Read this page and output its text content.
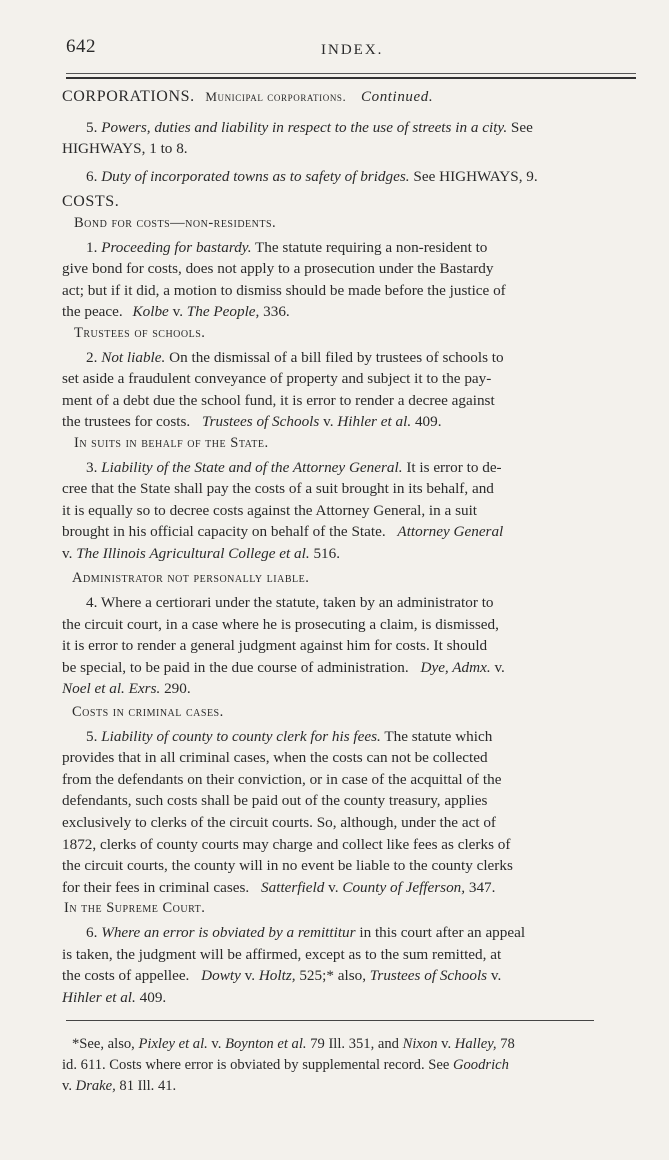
642	INDEX.
CORPORATIONS. Municipal corporations. Continued.
5. Powers, duties and liability in respect to the use of streets in a city. See
HIGHWAYS, 1 to 8.
6. Duty of incorporated towns as to safety of bridges. See HIGHWAYS, 9.
COSTS.
Bond for costs—non-residents.
1. Proceeding for bastardy. The statute requiring a non-resident to
give bond for costs, does not apply to a prosecution under the Bastardy
act; but if it did, a motion to dismiss should be made before the justice of
the peace. Kolbe v. The People, 336.
Trustees of schools.
2. Not liable. On the dismissal of a bill filed by trustees of schools to
set aside a fraudulent conveyance of property and subject it to the pay-
ment of a debt due the school fund, it is error to render a decree against
the trustees for costs. Trustees of Schools v. Hihler et al. 409.
In suits in behalf of the State.
3. Liability of the State and of the Attorney General. It is error to de-
cree that the State shall pay the costs of a suit brought in its behalf, and
it is equally so to decree costs against the Attorney General, in a suit
brought in his official capacity on behalf of the State. Attorney General
v. The Illinois Agricultural College et al. 516.
Administrator not personally liable.
4. Where a certiorari under the statute, taken by an administrator to
the circuit court, in a case where he is prosecuting a claim, is dismissed,
it is error to render a general judgment against him for costs. It should
be special, to be paid in the due course of administration. Dye, Admx. v.
Noel et al. Exrs. 290.
Costs in criminal cases.
5. Liability of county to county clerk for his fees. The statute which
provides that in all criminal cases, when the costs can not be collected
from the defendants on their conviction, or in case of the acquittal of the
defendants, such costs shall be paid out of the county treasury, applies
exclusively to clerks of the circuit courts. So, although, under the act of
1872, clerks of county courts may charge and collect like fees as clerks of
the circuit courts, the county will in no event be liable to the county clerks
for their fees in criminal cases. Satterfield v. County of Jefferson, 347.
In the Supreme Court.
6. Where an error is obviated by a remittitur in this court after an appeal
is taken, the judgment will be affirmed, except as to the sum remitted, at
the costs of appellee. Dowty v. Holtz, 525;* also, Trustees of Schools v.
Hihler et al. 409.
*See, also, Pixley et al. v. Boynton et al. 79 Ill. 351, and Nixon v. Halley, 78
id. 611. Costs where error is obviated by supplemental record. See Goodrich
v. Drake, 81 Ill. 41.
